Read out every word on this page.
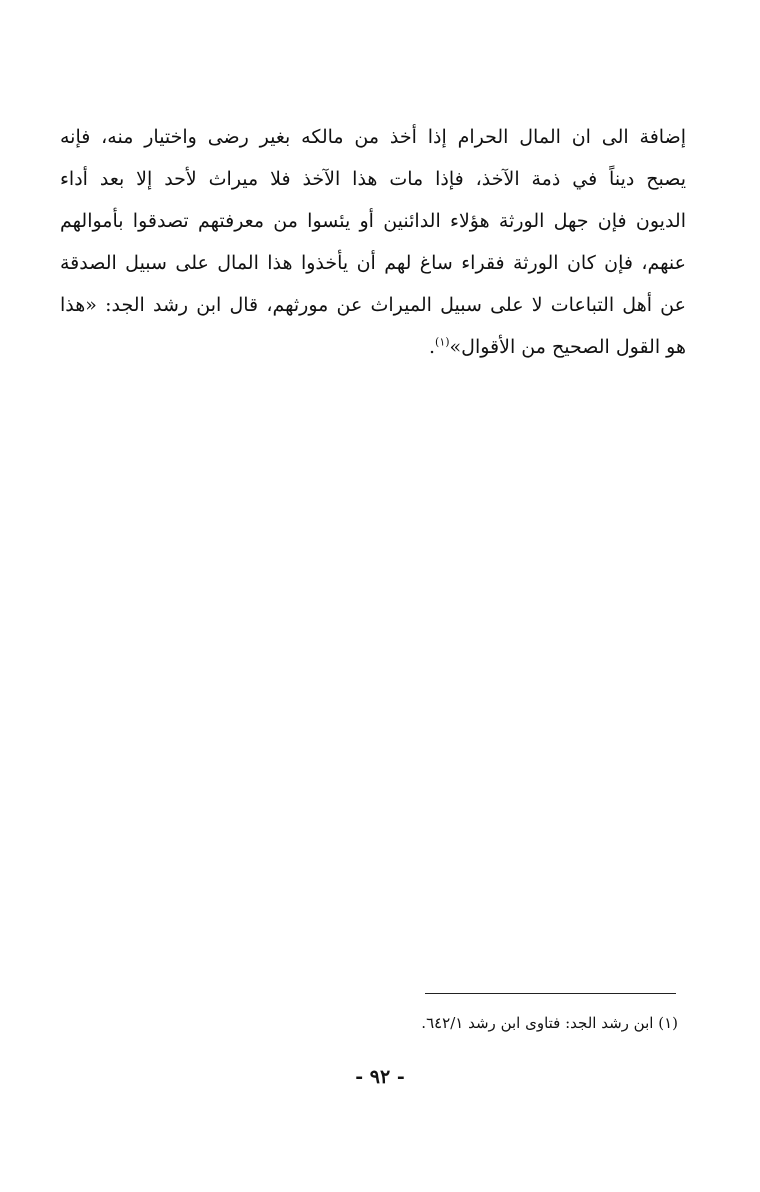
إضافة الى ان المال الحرام إذا أخذ من مالكه بغير رضى واختيار منه، فإنه
يصبح ديناً في ذمة الآخذ، فإذا مات هذا الآخذ فلا ميراث لأحد إلا بعد أداء
الديون فإن جهل الورثة هؤلاء الدائنين أو يئسوا من معرفتهم تصدقوا بأموالهم
عنهم، فإن كان الورثة فقراء ساغ لهم أن يأخذوا هذا المال على سبيل الصدقة
عن أهل التباعات لا على سبيل الميراث عن مورثهم، قال ابن رشد الجد: «هذا
هو القول الصحيح من الأقوال»$^{(١)}$.
(١) ابن رشد الجد: فتاوى ابن رشد ٦٤٢/١.
- ٩٢ -
